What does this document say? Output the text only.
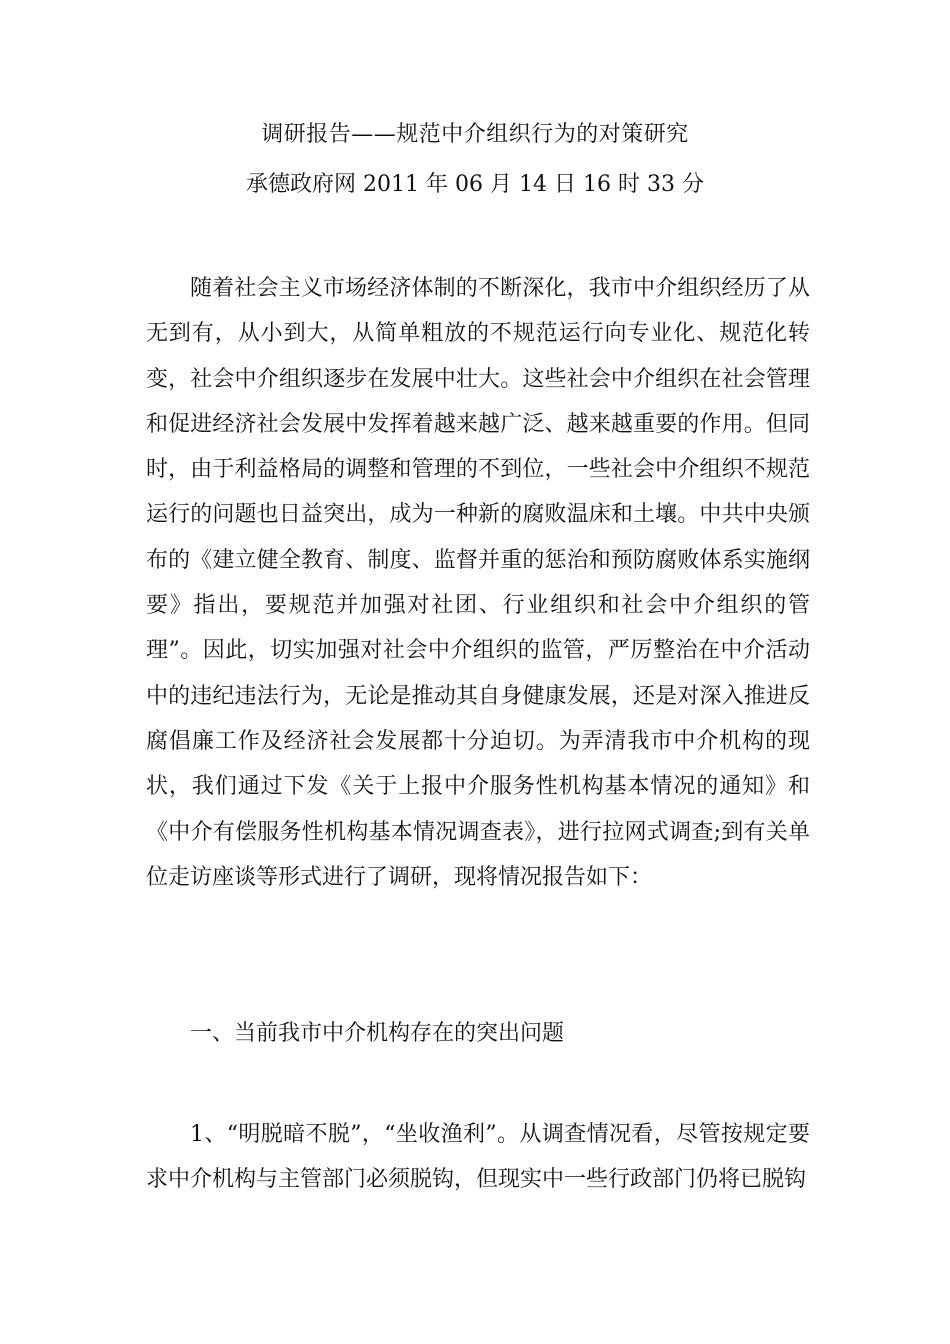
调研报告——规范中介组织行为的对策研究
承德政府网 2011 年 06 月 14 日 16 时 33 分

随着社会主义市场经济体制的不断深化，我市中介组织经历了从无到有，从小到大，从简单粗放的不规范运行向专业化、规范化转变，社会中介组织逐步在发展中壮大。这些社会中介组织在社会管理和促进经济社会发展中发挥着越来越广泛、越来越重要的作用。但同时，由于利益格局的调整和管理的不到位，一些社会中介组织不规范运行的问题也日益突出，成为一种新的腐败温床和土壤。中共中央颁布的《建立健全教育、制度、监督并重的惩治和预防腐败体系实施纲要》指出，要规范并加强对社团、行业组织和社会中介组织的管理”。因此，切实加强对社会中介组织的监管，严厉整治在中介活动中的违纪违法行为，无论是推动其自身健康发展，还是对深入推进反腐倡廉工作及经济社会发展都十分迫切。为弄清我市中介机构的现状，我们通过下发《关于上报中介服务性机构基本情况的通知》和《中介有偿服务性机构基本情况调查表》，进行拉网式调查;到有关单位走访座谈等形式进行了调研，现将情况报告如下：

一、当前我市中介机构存在的突出问题

1、“明脱暗不脱”，“坐收渔利”。从调查情况看，尽管按规定要求中介机构与主管部门必须脱钩，但现实中一些行政部门仍将已脱钩
